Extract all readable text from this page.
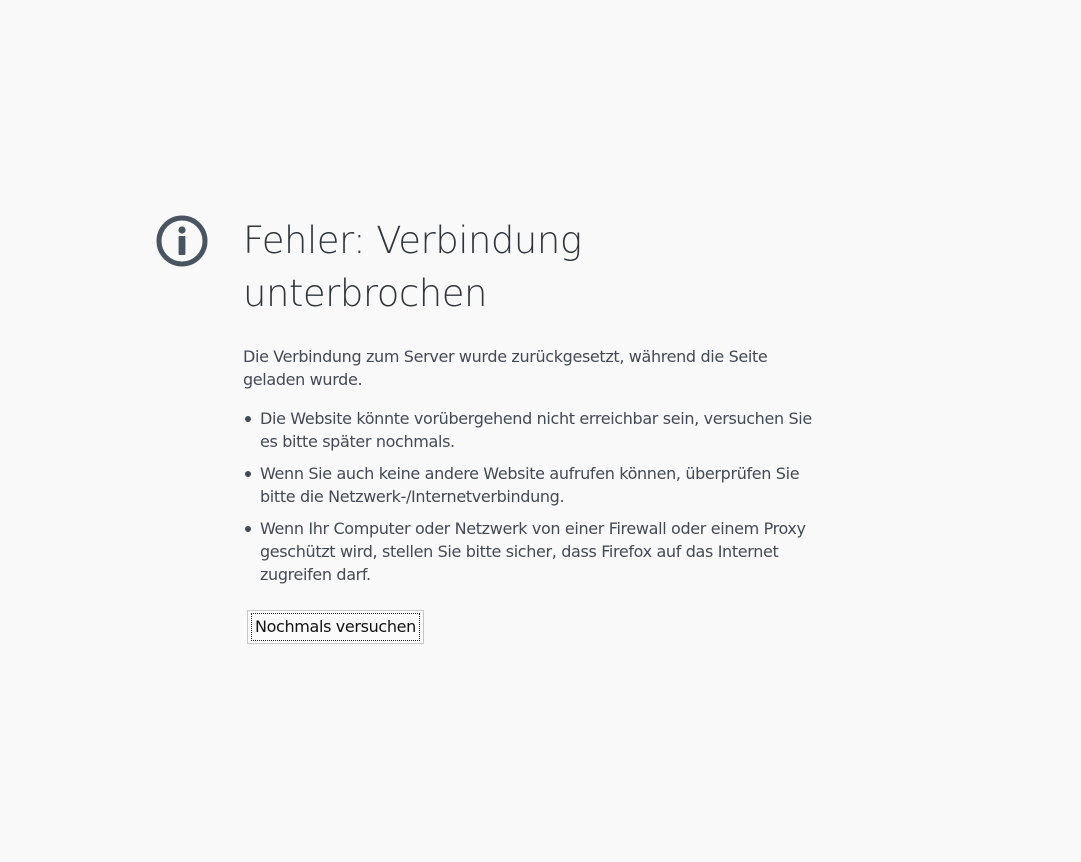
Fehler: Verbindung unterbrochen

Die Verbindung zum Server wurde zurückgesetzt, während die Seite geladen wurde.

Die Website könnte vorübergehend nicht erreichbar sein, versuchen Sie es bitte später nochmals.
Wenn Sie auch keine andere Website aufrufen können, überprüfen Sie bitte die Netzwerk-/Internetverbindung.
Wenn Ihr Computer oder Netzwerk von einer Firewall oder einem Proxy geschützt wird, stellen Sie bitte sicher, dass Firefox auf das Internet zugreifen darf.
Nochmals versuchen
